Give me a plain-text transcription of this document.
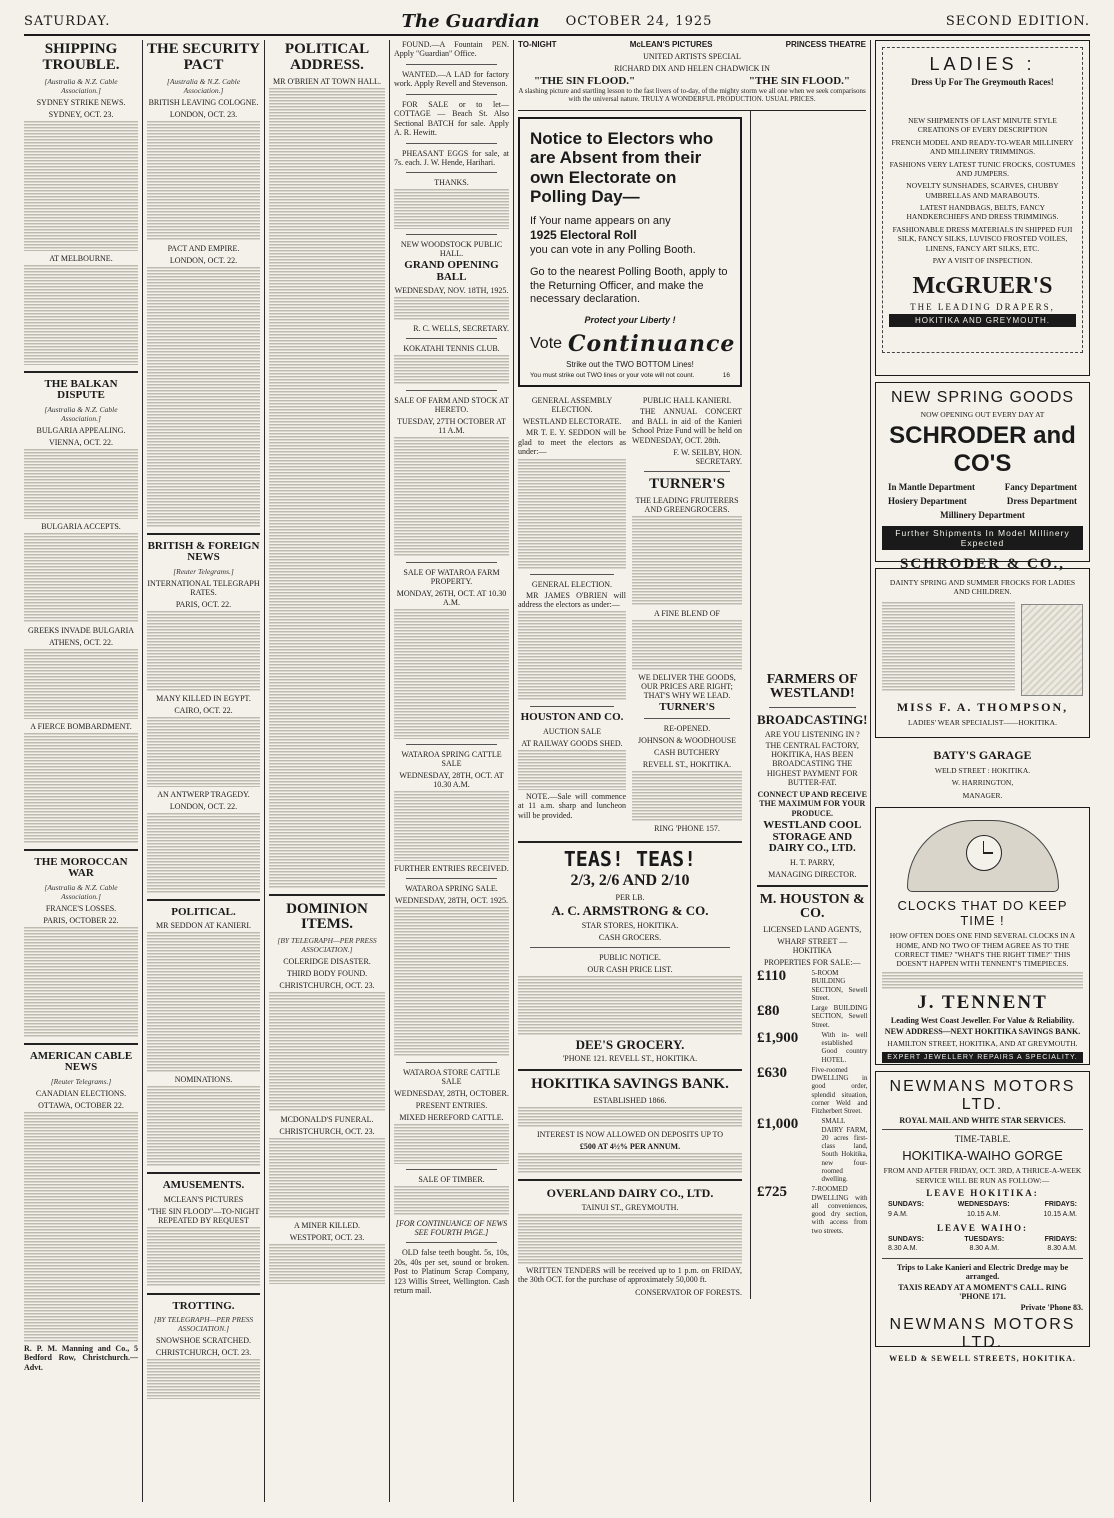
SATURDAY.	The Guardian OCTOBER 24, 1925	SECOND EDITION.
SHIPPING TROUBLE.
[Australia & N.Z. Cable Association.]
SYDNEY STRIKE NEWS.
SYDNEY, OCT. 23.
AT MELBOURNE.
THE BALKAN DISPUTE
[Australia & N.Z. Cable Association.]
BULGARIA APPEALING.
VIENNA, OCT. 22.
BULGARIA ACCEPTS.
GREEKS INVADE BULGARIA
ATHENS, OCT. 22.
A FIERCE BOMBARDMENT.
THE MOROCCAN WAR
[Australia & N.Z. Cable Association.]
FRANCE'S LOSSES.
PARIS, OCTOBER 22.
AMERICAN CABLE NEWS
[Reuter Telegrams.]
CANADIAN ELECTIONS.
OTTAWA, OCTOBER 22.
R. P. M. Manning and Co., 5 Bedford Row, Christchurch.—Advt.
THE SECURITY PACT
[Australia & N.Z. Cable Association.]
BRITISH LEAVING COLOGNE.
LONDON, OCT. 23.
PACT AND EMPIRE.
LONDON, OCT. 22.
BRITISH & FOREIGN NEWS
[Reuter Telegrams.]
INTERNATIONAL TELEGRAPH RATES.
PARIS, OCT. 22.
MANY KILLED IN EGYPT.
CAIRO, OCT. 22.
AN ANTWERP TRAGEDY.
LONDON, OCT. 22.
POLITICAL.
MR SEDDON AT KANIERI.
NOMINATIONS.
AMUSEMENTS.
MCLEAN'S PICTURES
"THE SIN FLOOD"—TO-NIGHT REPEATED BY REQUEST
TROTTING.
[BY TELEGRAPH—PER PRESS ASSOCIATION.]
SNOWSHOE SCRATCHED.
CHRISTCHURCH, OCT. 23.
POLITICAL ADDRESS.
MR O'BRIEN AT TOWN HALL.
DOMINION ITEMS.
[BY TELEGRAPH—PER PRESS ASSOCIATION.]
COLERIDGE DISASTER.
THIRD BODY FOUND.
CHRISTCHURCH, OCT. 23.
MCDONALD'S FUNERAL.
CHRISTCHURCH, OCT. 23.
A MINER KILLED.
WESTPORT, OCT. 23.
FOUND.—A Fountain PEN. Apply "Guardian" Office.
WANTED.—A LAD for factory work. Apply Revell and Stevenson.
FOR SALE or to let—COTTAGE — Beach St. Also Sectional BATCH for sale. Apply A. R. Hewitt.
PHEASANT EGGS for sale, at 7s. each. J. W. Hende, Harihari.
THANKS.
NEW WOODSTOCK PUBLIC HALL.
GRAND OPENING BALL
WEDNESDAY, NOV. 18TH, 1925.
R. C. WELLS, SECRETARY.
KOKATAHI TENNIS CLUB.
SALE OF FARM AND STOCK AT HERETO.
TUESDAY, 27TH OCTOBER AT 11 A.M.
SALE OF WATAROA FARM PROPERTY.
MONDAY, 26TH, OCT. AT 10.30 A.M.
WATAROA SPRING CATTLE SALE
WEDNESDAY, 28TH, OCT. AT 10.30 A.M.
FURTHER ENTRIES RECEIVED.
WATAROA SPRING SALE.
WEDNESDAY, 28TH, OCT. 1925.
WATAROA STORE CATTLE SALE
WEDNESDAY, 28TH, OCTOBER.
PRESENT ENTRIES.
MIXED HEREFORD CATTLE.
SALE OF TIMBER.
[FOR CONTINUANCE OF NEWS SEE FOURTH PAGE.]
OLD false teeth bought. 5s, 10s, 20s, 40s per set, sound or broken. Post to Platinum Scrap Company, 123 Willis Street, Wellington. Cash return mail.
TO-NIGHT	McLEAN'S PICTURES	PRINCESS THEATRE
UNITED ARTISTS SPECIAL
RICHARD DIX AND HELEN CHADWICK IN
"THE SIN FLOOD."	"THE SIN FLOOD."
A slashing picture and startling lesson to the fast livers of to-day, of the mighty storm we all one when we seek comparisons with the universal nature. TRULY A WONDERFUL PRODUCTION. USUAL PRICES.
Notice to Electors who are Absent from their own Electorate on Polling Day—
If Your name appears on any
1925 Electoral Roll
you can vote in any Polling Booth.
Go to the nearest Polling Booth, apply to the Returning Officer, and make the necessary declaration.
Protect your Liberty !
Vote Continuance
Strike out the TWO BOTTOM Lines!
You must strike out TWO lines or your vote will not count.	16
GENERAL ASSEMBLY ELECTION.
WESTLAND ELECTORATE.
MR T. E. Y. SEDDON will be glad to meet the electors as under:—
GENERAL ELECTION.
MR JAMES O'BRIEN will address the electors as under:—
HOUSTON AND CO.
AUCTION SALE
AT RAILWAY GOODS SHED.
NOTE.—Sale will commence at 11 a.m. sharp and luncheon will be provided.
PUBLIC HALL KANIERI.
THE ANNUAL CONCERT and BALL in aid of the Kanieri School Prize Fund will be held on WEDNESDAY, OCT. 28th.
F. W. SEILBY, HON. SECRETARY.
TURNER'S
THE LEADING FRUITERERS AND GREENGROCERS.
A FINE BLEND OF
WE DELIVER THE GOODS, OUR PRICES ARE RIGHT; THAT'S WHY WE LEAD.
TURNER'S
RE-OPENED.
JOHNSON & WOODHOUSE
CASH BUTCHERY
REVELL ST., HOKITIKA.
RING 'PHONE 157.
TEAS! TEAS!
2/3, 2/6 AND 2/10
PER LB.
A. C. ARMSTRONG & CO.
STAR STORES, HOKITIKA.
CASH GROCERS.
PUBLIC NOTICE.
OUR CASH PRICE LIST.
DEE'S GROCERY.
'PHONE 121. REVELL ST., HOKITIKA.
HOKITIKA SAVINGS BANK.
ESTABLISHED 1866.
INTEREST IS NOW ALLOWED ON DEPOSITS UP TO
£500 AT 4½% PER ANNUM.
OVERLAND DAIRY CO., LTD.
TAINUI ST., GREYMOUTH.
WRITTEN TENDERS will be received up to 1 p.m. on FRIDAY, the 30th OCT. for the purchase of approximately 50,000 ft.
CONSERVATOR OF FORESTS.
FARMERS OF WESTLAND!
BROADCASTING!
ARE YOU LISTENING IN ?
THE CENTRAL FACTORY, HOKITIKA, HAS BEEN BROADCASTING THE HIGHEST PAYMENT FOR BUTTER-FAT.
CONNECT UP AND RECEIVE THE MAXIMUM FOR YOUR PRODUCE.
WESTLAND COOL STORAGE AND DAIRY CO., LTD.
H. T. PARRY,
MANAGING DIRECTOR.
M. HOUSTON & CO.
LICENSED LAND AGENTS,
WHARF STREET — HOKITIKA
PROPERTIES FOR SALE:—
£110	5-ROOM BUILDING SECTION, Sewell Street.
£80	Large BUILDING SECTION, Sewell Street.
£1,900	With in- well established Good country HOTEL.
£630	Five-roomed DWELLING in good order, splendid situation, corner Weld and Fitzherbert Street.
£1,000	SMALL DAIRY FARM, 20 acres first-class land, South Hokitika, new four-roomed dwelling.
£725	7-ROOMED DWELLING with all conveniences, good dry section, with access from two streets.
LADIES :
Dress Up For The Greymouth Races!
NEW SHIPMENTS OF LAST MINUTE STYLE CREATIONS OF EVERY DESCRIPTION
FRENCH MODEL AND READY-TO-WEAR MILLINERY AND MILLINERY TRIMMINGS.
FASHIONS VERY LATEST TUNIC FROCKS, COSTUMES AND JUMPERS.
NOVELTY SUNSHADES, SCARVES, CHUBBY UMBRELLAS AND MARABOUTS.
LATEST HANDBAGS, BELTS, FANCY HANDKERCHIEFS AND DRESS TRIMMINGS.
FASHIONABLE DRESS MATERIALS IN SHIPPED FUJI SILK, FANCY SILKS, LUVISCO FROSTED VOILES, LINENS, FANCY ART SILKS, ETC.
PAY A VISIT OF INSPECTION.
McGRUER'S
THE LEADING DRAPERS,
HOKITIKA AND GREYMOUTH.
NEW SPRING GOODS
NOW OPENING OUT EVERY DAY AT
SCHRODER and CO'S
In Mantle Department	Fancy Department
Hosiery Department	Dress Department
Millinery Department
Further Shipments In Model Millinery Expected
SCHRODER & CO.,
DAINTY SPRING AND SUMMER FROCKS FOR LADIES AND CHILDREN.
MISS F. A. THOMPSON,
LADIES' WEAR SPECIALIST——HOKITIKA.
BATY'S GARAGE
WELD STREET : HOKITIKA.
W. HARRINGTON,
MANAGER.
CLOCKS THAT DO KEEP TIME !
HOW OFTEN DOES ONE FIND SEVERAL CLOCKS IN A HOME, AND NO TWO OF THEM AGREE AS TO THE CORRECT TIME? "WHAT'S THE RIGHT TIME?" THIS DOESN'T HAPPEN WITH TENNENT'S TIMEPIECES.
J. TENNENT
Leading West Coast Jeweller. For Value & Reliability.
NEW ADDRESS—NEXT HOKITIKA SAVINGS BANK.
HAMILTON STREET, HOKITIKA, AND AT GREYMOUTH.
EXPERT JEWELLERY REPAIRS A SPECIALITY.
NEWMANS MOTORS LTD.
ROYAL MAIL AND WHITE STAR SERVICES.
TIME-TABLE.
HOKITIKA-WAIHO GORGE
FROM AND AFTER FRIDAY, OCT. 3RD, A THRICE-A-WEEK SERVICE WILL BE RUN AS FOLLOW:—
LEAVE HOKITIKA:
SUNDAYS:
9 A.M.
WEDNESDAYS:
10.15 A.M.
FRIDAYS:
10.15 A.M.
LEAVE WAIHO:
SUNDAYS:
8.30 A.M.
TUESDAYS:
8.30 A.M.
FRIDAYS:
8.30 A.M.
Trips to Lake Kanieri and Electric Dredge may be arranged.
TAXIS READY AT A MOMENT'S CALL. RING 'PHONE 171.
Private 'Phone 83.
NEWMANS MOTORS LTD.
WELD & SEWELL STREETS, HOKITIKA.
